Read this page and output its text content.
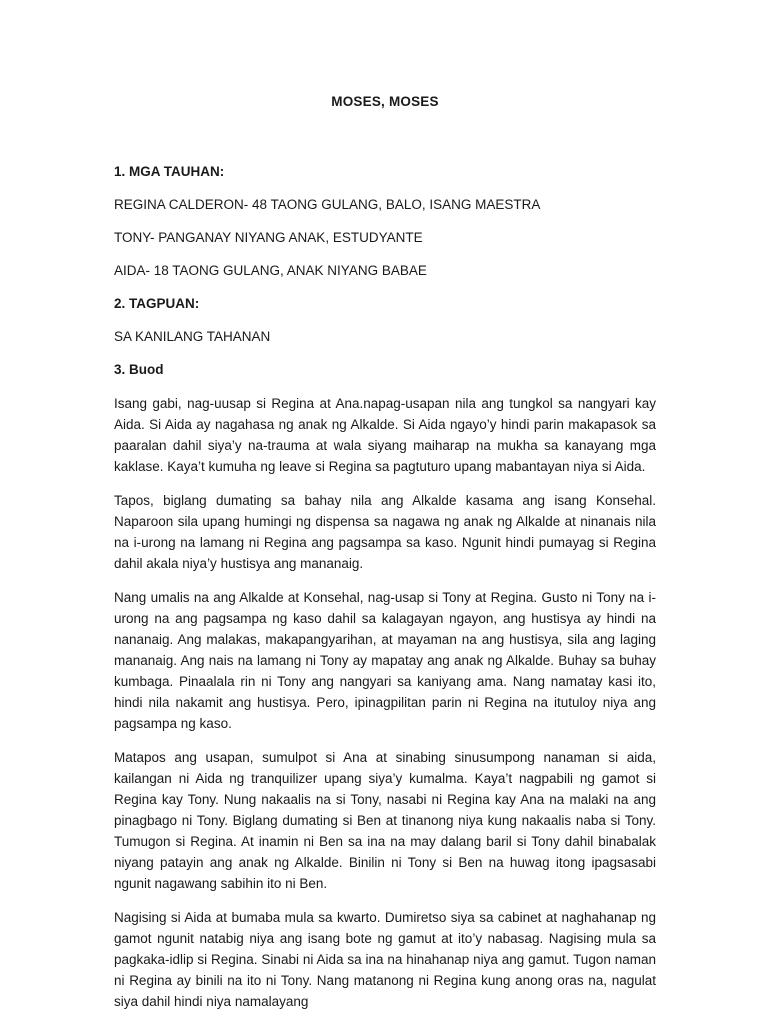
MOSES, MOSES
1. MGA TAUHAN:
REGINA CALDERON- 48 TAONG GULANG, BALO, ISANG MAESTRA
TONY- PANGANAY NIYANG ANAK, ESTUDYANTE
AIDA- 18 TAONG GULANG, ANAK NIYANG BABAE
2. TAGPUAN:
SA KANILANG TAHANAN
3. Buod

Isang gabi, nag-uusap si Regina at Ana.napag-usapan nila ang tungkol sa nangyari kay Aida. Si Aida ay nagahasa ng anak ng Alkalde. Si Aida ngayo’y hindi parin makapasok sa paaralan dahil siya’y na-trauma at wala siyang maiharap na mukha sa kanayang mga kaklase. Kaya’t kumuha ng leave si Regina sa pagtuturo upang mabantayan niya si Aida.

Tapos, biglang dumating sa bahay nila ang Alkalde kasama ang isang Konsehal. Naparoon sila upang humingi ng dispensa sa nagawa ng anak ng Alkalde at ninanais nila na i-urong na lamang ni Regina ang pagsampa sa kaso. Ngunit hindi pumayag si Regina dahil akala niya’y hustisya ang mananaig.

Nang umalis na ang Alkalde at Konsehal, nag-usap si Tony at Regina. Gusto ni Tony na i-urong na ang pagsampa ng kaso dahil sa kalagayan ngayon, ang hustisya ay hindi na nananaig. Ang malakas, makapangyarihan, at mayaman na ang hustisya, sila ang laging mananaig. Ang nais na lamang ni Tony ay mapatay ang anak ng Alkalde. Buhay sa buhay kumbaga. Pinaalala rin ni Tony ang nangyari sa kaniyang ama. Nang namatay kasi ito, hindi nila nakamit ang hustisya. Pero, ipinagpilitan parin ni Regina na itutuloy niya ang pagsampa ng kaso.

Matapos ang usapan, sumulpot si Ana at sinabing sinusumpong nanaman si aida, kailangan ni Aida ng tranquilizer upang siya’y kumalma. Kaya’t nagpabili ng gamot si Regina kay Tony. Nung nakaalis na si Tony, nasabi ni Regina kay Ana na malaki na ang pinagbago ni Tony. Biglang dumating si Ben at tinanong niya kung nakaalis naba si Tony. Tumugon si Regina. At inamin ni Ben sa ina na may dalang baril si Tony dahil binabalak niyang patayin ang anak ng Alkalde. Binilin ni Tony si Ben na huwag itong ipagsasabi ngunit nagawang sabihin ito ni Ben.

Nagising si Aida at bumaba mula sa kwarto. Dumiretso siya sa cabinet at naghahanap ng gamot ngunit natabig niya ang isang bote ng gamut at ito’y nabasag. Nagising mula sa pagkaka-idlip si Regina. Sinabi ni Aida sa ina na hinahanap niya ang gamut. Tugon naman ni Regina ay binili na ito ni Tony. Nang matanong ni Regina kung anong oras na, nagulat siya dahil hindi niya namalayang
